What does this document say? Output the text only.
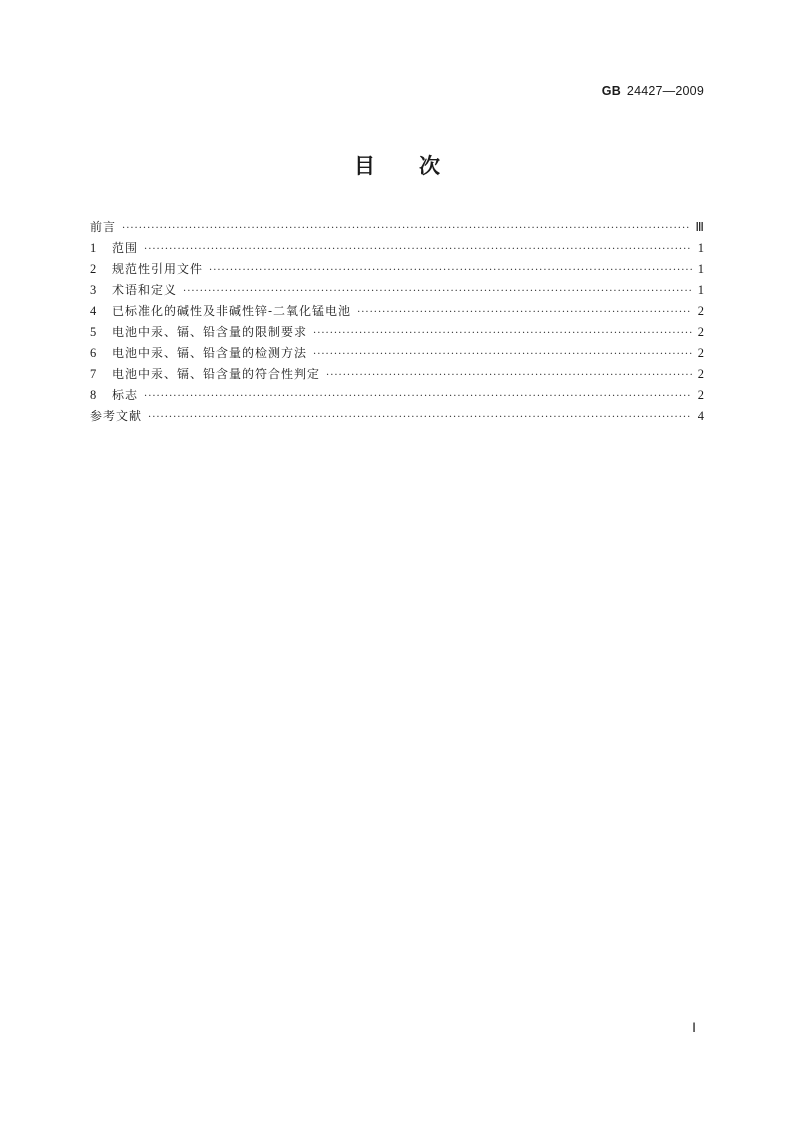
GB 24427—2009
目 次
前言 ·····	Ⅲ
1	范围 ·····	1
2	规范性引用文件 ·····	1
3	术语和定义 ·····	1
4	已标准化的碱性及非碱性锌-二氧化锰电池 ·····	2
5	电池中汞、镉、铅含量的限制要求 ·····	2
6	电池中汞、镉、铅含量的检测方法 ·····	2
7	电池中汞、镉、铅含量的符合性判定 ·····	2
8	标志 ·····	2
参考文献 ·····	4
Ⅰ
